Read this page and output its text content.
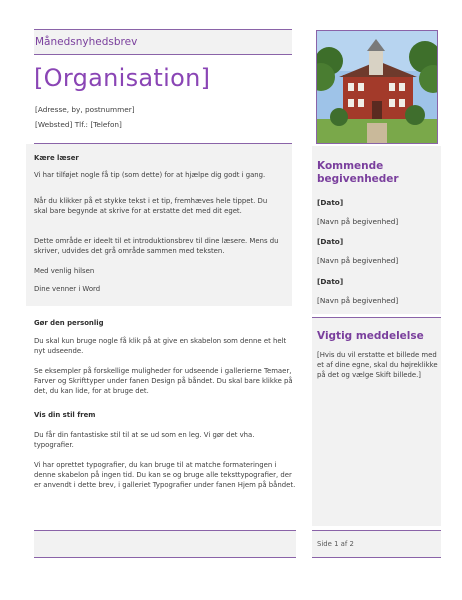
Månedsnyhedsbrev
[Organisation]
[Adresse, by, postnummer]
[Websted] Tlf.: [Telefon]
Kære læser
Vi har tilføjet nogle få tip (som dette) for at hjælpe dig godt i gang.
Når du klikker på et stykke tekst i et tip, fremhæves hele tippet. Du skal bare begynde at skrive for at erstatte det med dit eget.
Dette område er ideelt til et introduktionsbrev til dine læsere. Mens du skriver, udvides det grå område sammen med teksten.
Med venlig hilsen
Dine venner i Word
Gør den personlig
Du skal kun bruge nogle få klik på at give en skabelon som denne et helt nyt udseende.
Se eksempler på forskellige muligheder for udseende i gallerierne Temaer, Farver og Skrifttyper under fanen Design på båndet. Du skal bare klikke på det, du kan lide, for at bruge det.
Vis din stil frem
Du får din fantastiske stil til at se ud som en leg. Vi gør det vha. typografier.
Vi har oprettet typografier, du kan bruge til at matche formateringen i denne skabelon på ingen tid. Du kan se og bruge alle teksttypografier, der er anvendt i dette brev, i galleriet Typografier under fanen Hjem på båndet.
Kommende begivenheder
[Dato]
[Navn på begivenhed]
[Dato]
[Navn på begivenhed]
[Dato]
[Navn på begivenhed]
Vigtig meddelelse
[Hvis du vil erstatte et billede med et af dine egne, skal du højreklikke på det og vælge Skift billede.]
Side 1 af 2
